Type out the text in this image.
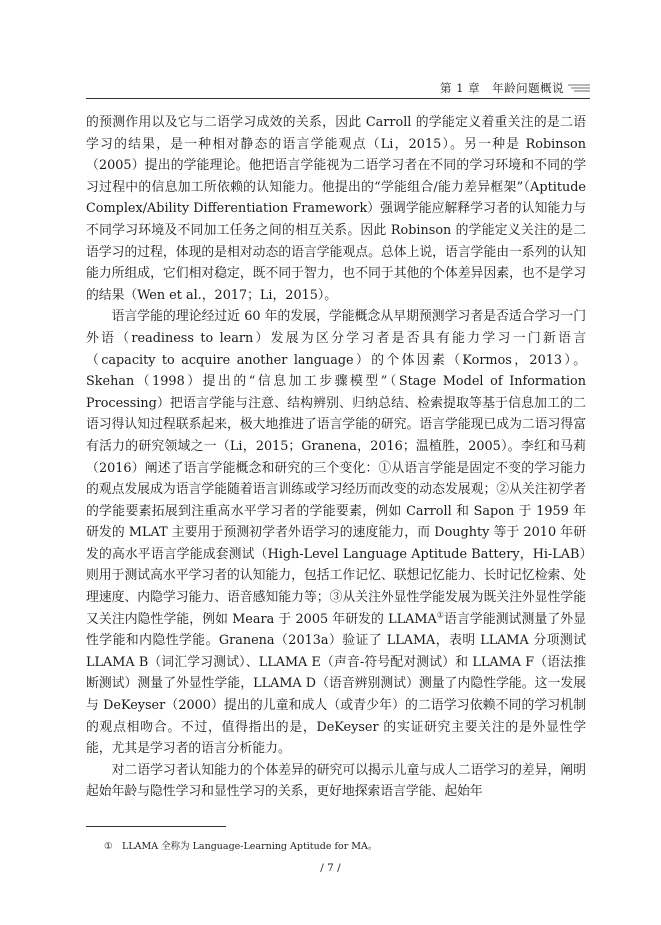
第 1 章　年龄问题概说

的预测作用以及它与二语学习成效的关系，因此 Carroll 的学能定义着重关注的是二语学习的结果，是一种相对静态的语言学能观点（Li，2015）。另一种是 Robinson（2005）提出的学能理论。他把语言学能视为二语学习者在不同的学习环境和不同的学习过程中的信息加工所依赖的认知能力。他提出的“学能组合/能力差异框架”（Aptitude Complex/Ability Differentiation Framework）强调学能应解释学习者的认知能力与不同学习环境及不同加工任务之间的相互关系。因此 Robinson 的学能定义关注的是二语学习的过程，体现的是相对动态的语言学能观点。总体上说，语言学能由一系列的认知能力所组成，它们相对稳定，既不同于智力，也不同于其他的个体差异因素，也不是学习的结果（Wen et al.，2017；Li，2015）。

语言学能的理论经过近 60 年的发展，学能概念从早期预测学习者是否适合学习一门外语（readiness to learn）发展为区分学习者是否具有能力学习一门新语言（capacity to acquire another language）的个体因素（Kormos，2013）。Skehan（1998）提出的“信息加工步骤模型”（Stage Model of Information Processing）把语言学能与注意、结构辨别、归纳总结、检索提取等基于信息加工的二语习得认知过程联系起来，极大地推进了语言学能的研究。语言学能现已成为二语习得富有活力的研究领域之一（Li，2015；Granena，2016；温植胜，2005）。李红和马莉（2016）阐述了语言学能概念和研究的三个变化：①从语言学能是固定不变的学习能力的观点发展成为语言学能随着语言训练或学习经历而改变的动态发展观；②从关注初学者的学能要素拓展到注重高水平学习者的学能要素，例如 Carroll 和 Sapon 于 1959 年研发的 MLAT 主要用于预测初学者外语学习的速度能力，而 Doughty 等于 2010 年研发的高水平语言学能成套测试（High-Level Language Aptitude Battery，Hi-LAB）则用于测试高水平学习者的认知能力，包括工作记忆、联想记忆能力、长时记忆检索、处理速度、内隐学习能力、语音感知能力等；③从关注外显性学能发展为既关注外显性学能又关注内隐性学能，例如 Meara 于 2005 年研发的 LLAMA①语言学能测试测量了外显性学能和内隐性学能。Granena（2013a）验证了 LLAMA，表明 LLAMA 分项测试 LLAMA B（词汇学习测试）、LLAMA E（声音-符号配对测试）和 LLAMA F（语法推断测试）测量了外显性学能，LLAMA D（语音辨别测试）测量了内隐性学能。这一发展与 DeKeyser（2000）提出的儿童和成人（或青少年）的二语学习依赖不同的学习机制的观点相吻合。不过，值得指出的是，DeKeyser 的实证研究主要关注的是外显性学能，尤其是学习者的语言分析能力。

对二语学习者认知能力的个体差异的研究可以揭示儿童与成人二语学习的差异，阐明起始年龄与隐性学习和显性学习的关系，更好地探索语言学能、起始年

①　LLAMA 全称为 Language-Learning Aptitude for MA。
/ 7 /
